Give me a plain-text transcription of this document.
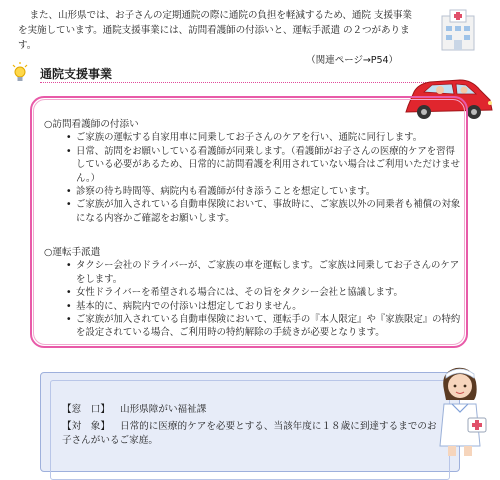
また、山形県では、お子さんの定期通院の際に通院の負担を軽減するため、通院 支援事業を実施しています。通院支援事業には、訪問看護師の付添いと、運転手派遣 の２つがあります。

（関連ページ→P54）
通院支援事業
○訪問看護師の付添い
• ご家族の運転する自家用車に同乗してお子さんのケアを行い、通院に同行します。
• 日常、訪問をお願いしている看護師が同乗します。（看護師がお子さんの医療的ケアを習得している必要があるため、日常的に訪問看護を利用されていない場合はご利用いただけません。）
• 診察の待ち時間等、病院内も看護師が付き添うことを想定しています。
• ご家族が加入されている自動車保険において、事故時に、ご家族以外の同乗者も補償の対象になる内容かご確認をお願いします。
○運転手派遣
• タクシー会社のドライバーが、ご家族の車を運転します。ご家族は同乗してお子さんのケアをします。
• 女性ドライバーを希望される場合には、その旨をタクシー会社と協議します。
• 基本的に、病院内での付添いは想定しておりません。
• ご家族が加入されている自動車保険において、運転手の『本人限定』や『家族限定』の特約を設定されている場合、ご利用時の特約解除の手続きが必要となります。
【窓　口】 山形県障がい福祉課
【対　象】 日常的に医療的ケアを必要とする、当該年度に１８歳に到達するまでのお子さんがいるご家庭。
